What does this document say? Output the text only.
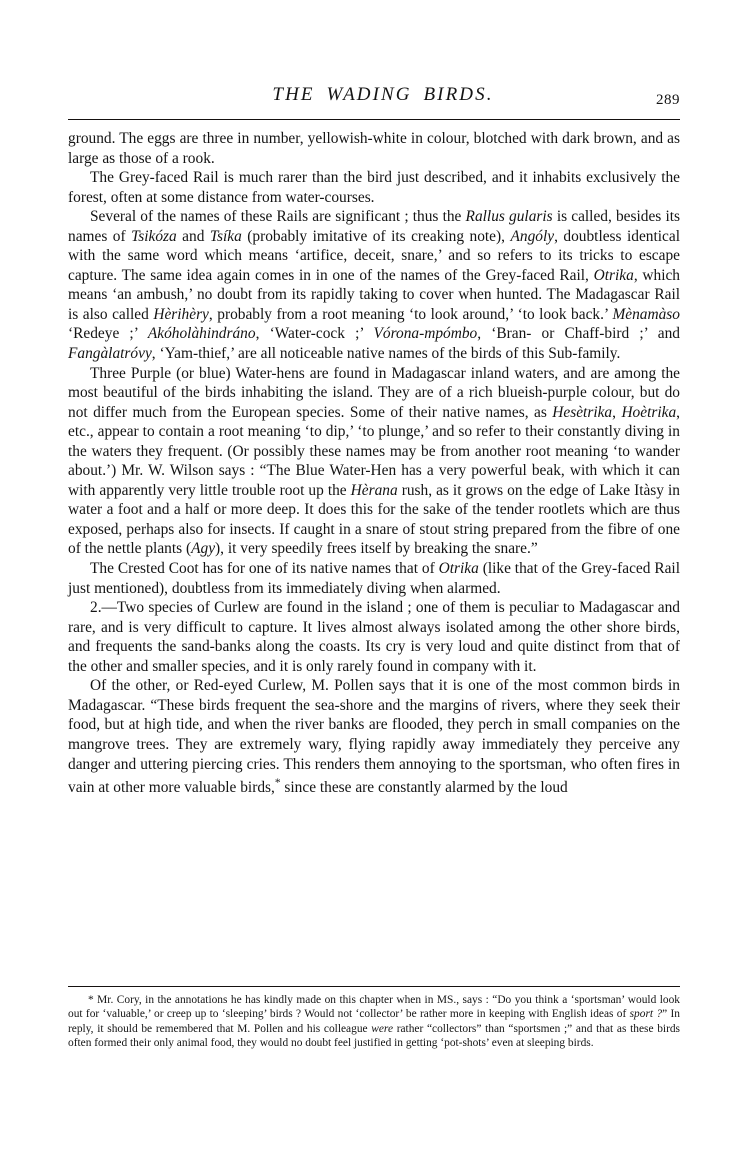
THE WADING BIRDS.	289

ground. The eggs are three in number, yellowish-white in colour, blotched with dark brown, and as large as those of a rook.

The Grey-faced Rail is much rarer than the bird just described, and it inhabits exclusively the forest, often at some distance from water-courses.

Several of the names of these Rails are significant ; thus the Rallus gularis is called, besides its names of Tsikóza and Tsíka (probably imitative of its creaking note), Angóly, doubtless identical with the same word which means ‘artifice, deceit, snare,’ and so refers to its tricks to escape capture. The same idea again comes in in one of the names of the Grey-faced Rail, Otrika, which means ‘an ambush,’ no doubt from its rapidly taking to cover when hunted. The Madagascar Rail is also called Hèrihèry, probably from a root meaning ‘to look around,’ ‘to look back.’ Mènamàso ‘Redeye ;’ Akóholàhindráno, ‘Water-cock ;’ Vórona-mpómbo, ‘Bran- or Chaff-bird ;’ and Fangàlatróvy, ‘Yam-thief,’ are all noticeable native names of the birds of this Sub-family.

Three Purple (or blue) Water-hens are found in Madagascar inland waters, and are among the most beautiful of the birds inhabiting the island. They are of a rich blueish-purple colour, but do not differ much from the European species. Some of their native names, as Hesètrika, Hoètrika, etc., appear to contain a root meaning ‘to dip,’ ‘to plunge,’ and so refer to their constantly diving in the waters they frequent. (Or possibly these names may be from another root meaning ‘to wander about.’) Mr. W. Wilson says : “The Blue Water-Hen has a very powerful beak, with which it can with apparently very little trouble root up the Hèrana rush, as it grows on the edge of Lake Itàsy in water a foot and a half or more deep. It does this for the sake of the tender rootlets which are thus exposed, perhaps also for insects. If caught in a snare of stout string prepared from the fibre of one of the nettle plants (Agy), it very speedily frees itself by breaking the snare.”

The Crested Coot has for one of its native names that of Otrika (like that of the Grey-faced Rail just mentioned), doubtless from its immediately diving when alarmed.

2.—Two species of Curlew are found in the island ; one of them is peculiar to Madagascar and rare, and is very difficult to capture. It lives almost always isolated among the other shore birds, and frequents the sand-banks along the coasts. Its cry is very loud and quite distinct from that of the other and smaller species, and it is only rarely found in company with it.

Of the other, or Red-eyed Curlew, M. Pollen says that it is one of the most common birds in Madagascar. “These birds frequent the sea-shore and the margins of rivers, where they seek their food, but at high tide, and when the river banks are flooded, they perch in small companies on the mangrove trees. They are extremely wary, flying rapidly away immediately they perceive any danger and uttering piercing cries. This renders them annoying to the sportsman, who often fires in vain at other more valuable birds,* since these are constantly alarmed by the loud

* Mr. Cory, in the annotations he has kindly made on this chapter when in MS., says : “Do you think a ‘sportsman’ would look out for ‘valuable,’ or creep up to ‘sleeping’ birds ? Would not ‘collector’ be rather more in keeping with English ideas of sport ?” In reply, it should be remembered that M. Pollen and his colleague were rather “collectors” than “sportsmen ;” and that as these birds often formed their only animal food, they would no doubt feel justified in getting ‘pot-shots’ even at sleeping birds.
